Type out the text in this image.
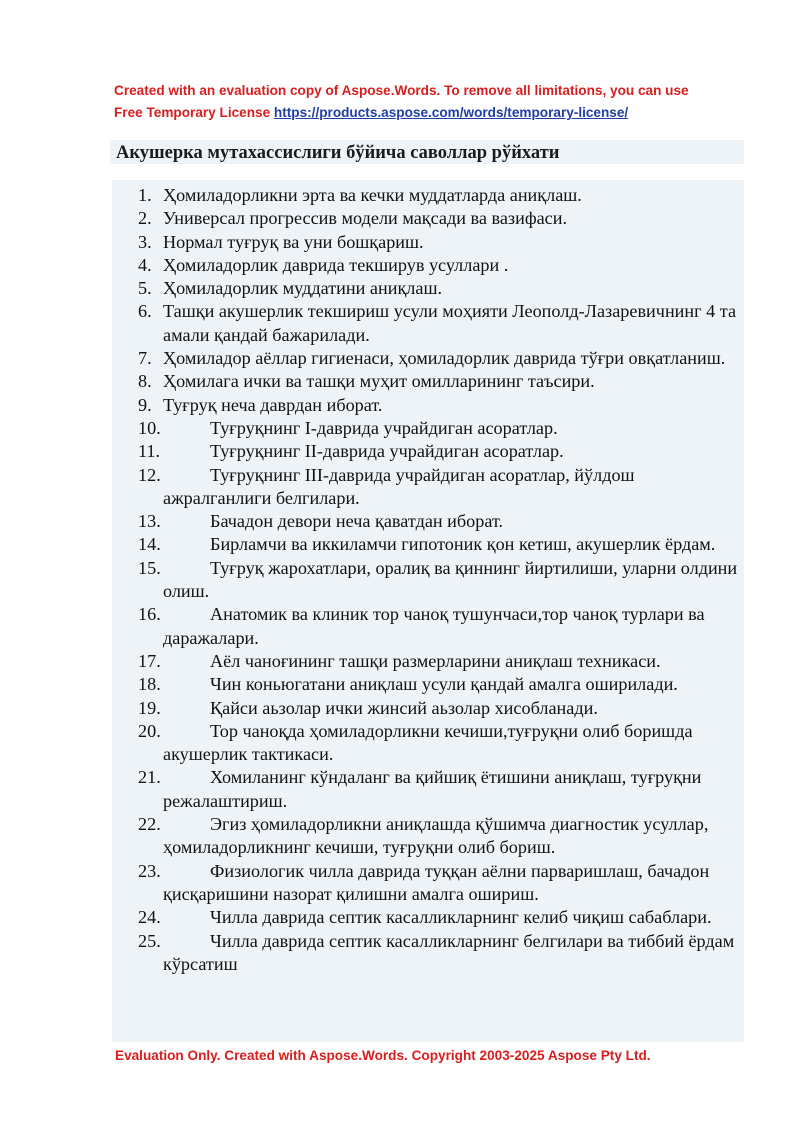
Created with an evaluation copy of Aspose.Words. To remove all limitations, you can use
Free Temporary License https://products.aspose.com/words/temporary-license/
Акушерка мутахассислиги бўйича саволлар рўйхати
1. Ҳомиладорликни эрта ва кечки муддатларда аниқлаш.
2. Универсал прогрессив модели мақсади ва вазифаси.
3. Нормал туғруқ ва уни бошқариш.
4. Ҳомиладорлик даврида текширув усуллари .
5. Ҳомиладорлик муддатини аниқлаш.
6. Ташқи акушерлик текшириш усули моҳияти Леополд-Лазаревичнинг 4 та амали қандай бажарилади.
7. Ҳомиладор аёллар гигиенаси, ҳомиладорлик даврида тўғри овқатланиш.
8. Ҳомилага ички ва ташқи муҳит омилларининг таъсири.
9. Туғруқ неча даврдан иборат.
10.	Туғруқнинг I-даврида учрайдиган асоратлар.
11.	Туғруқнинг II-даврида учрайдиган асоратлар.
12.	Туғруқнинг III-даврида учрайдиган асоратлар, йўлдош ажралганлиги белгилари.
13.	Бачадон девори неча қаватдан иборат.
14.	Бирламчи ва иккиламчи гипотоник қон кетиш, акушерлик ёрдам.
15.	Туғруқ жарохатлари, оралиқ ва қиннинг йиртилиши, уларни олдини олиш.
16.	Анатомик ва клиник тор чаноқ тушунчаси,тор чаноқ турлари ва даражалари.
17.	Аёл чаноғининг ташқи размерларини аниқлаш техникаси.
18.	Чин коньюгатани аниқлаш усули қандай амалга оширилади.
19.	Қайси аьзолар ички жинсий аьзолар хисобланади.
20.	Тор чаноқда ҳомиладорликни кечиши,туғруқни олиб боришда акушерлик тактикаси.
21.	Хомиланинг кўндаланг ва қийшиқ ётишини аниқлаш, туғруқни режалаштириш.
22.	Эгиз ҳомиладорликни аниқлашда қўшимча диагностик усуллар, ҳомиладорликнинг кечиши, туғруқни олиб бориш.
23.	Физиологик чилла даврида туққан аёлни парваришлаш, бачадон қисқаришини назорат қилишни амалга ошириш.
24.	Чилла даврида септик касалликларнинг келиб чиқиш сабаблари.
25.	Чилла даврида септик касалликларнинг белгилари ва тиббий ёрдам кўрсатиш
Evaluation Only. Created with Aspose.Words. Copyright 2003-2025 Aspose Pty Ltd.
